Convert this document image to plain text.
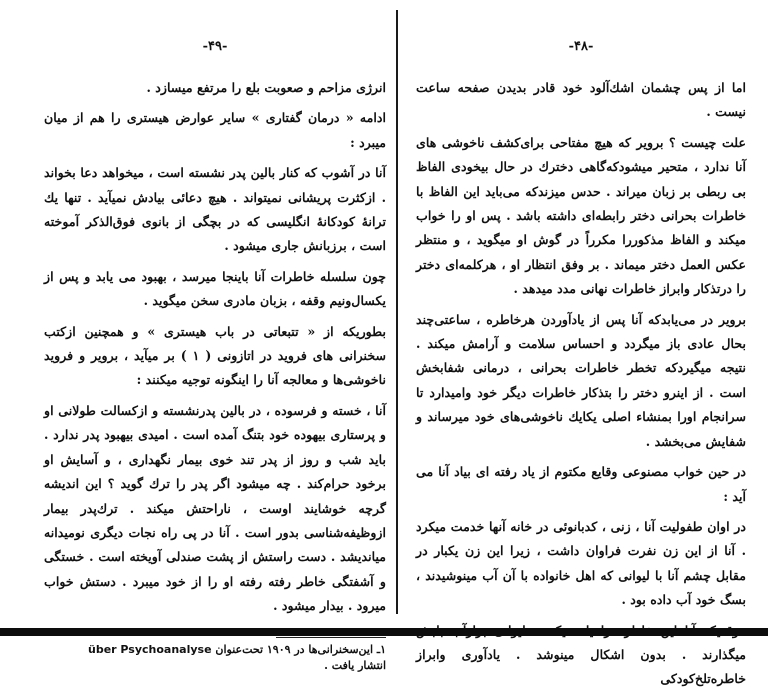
-۴۹-

انرژی مزاحم و صعوبت بلع را مرتفع میسازد .

ادامه « درمان گفتاری » سایر عوارض هیستری را هم از میان میبرد :

آنا در آشوب که کنار بالین پدر نشسته است ، میخواهد دعا بخواند . ازکثرت پریشانی نمیتواند . هیچ دعائی بیادش نمیآید . تنها یك ترانهٔ کودکانهٔ انگلیسی که در بچگی از بانوی فوق‌الذکر آموخته است ، برزبانش جاری میشود .

چون سلسله خاطرات آنا باینجا میرسد ، بهبود می یابد و پس از یکسال‌ونیم وقفه ، بزبان مادری سخن میگوید .

بطوریکه از « تتبعاتی در باب هیستری » و همچنین ازکتب سخنرانی های فروید در اتازونی ( ۱ ) بر میآید ، برویر و فروید ناخوشی‌ها و معالجه آنا را اینگونه توجیه میکنند :

آنا ، خسته و فرسوده ، در بالین پدرنشسته و ازکسالت طولانی او و پرستاری بیهوده خود بتنگ آمده است . امیدی بیهبود پدر ندارد . باید شب و روز از پدر تند خوی بیمار نگهداری ، و آسایش او برخود حرام‌کند . چه میشود اگر پدر را ترك گوید ؟ این اندیشه گرچه خوشایند اوست ، ناراحتش میکند . ترك‌پدر بیمار ازوظیفه‌شناسی بدور است . آنا در پی راه نجات دیگری نومیدانه میاندیشد . دست راستش از پشت صندلی آویخته است . خستگی و آشفتگی خاطر رفته رفته او را از خود میبرد . دستش خواب میرود . بیدار میشود .

۱ـ این‌سخنرانی‌ها در ۱۹۰۹ تحت‌عنوان über Psychoanalyse
انتشار یافت .

-۴۸-

اما از پس چشمان اشك‌آلود خود قادر بدیدن صفحه ساعت نیست .

علت چیست ؟ برویر که هیچ مفتاحی برای‌کشف ناخوشی های آنا ندارد ، متحیر میشود‌که‌گاهی دخترك در حال بیخودی الفاظ بی ربطی بر زبان میراند . حدس میزندکه می‌باید این الفاظ با خاطرات بحرانی دختر رابطه‌ای داشته باشد . پس او را خواب میکند و الفاظ مذکوررا مکرراً در گوش او میگوید ، و منتظر عکس العمل دختر میماند . بر وفق انتظار او ، هرکلمه‌ای دختر را درتذکار وابراز خاطرات نهانی مدد میدهد .

برویر در می‌یابدکه آنا پس از یادآوردن هرخاطره ، ساعتی‌چند بحال عادی باز میگردد و احساس سلامت و آرامش میکند . نتیجه میگیردکه تخطر خاطرات بحرانی ، درمانی شفابخش است . از اینرو دختر را بتذکار خاطرات دیگر خود وامیدارد تا سرانجام اورا بمنشاء اصلی یکایك ناخوشی‌های خود میرساند و شفایش می‌بخشد .

در حین خواب مصنوعی وقایع مکتوم از یاد رفته ای بیاد آنا می آید :

در اوان طفولیت آنا ، زنی ، کدبانوئی در خانه آنها خدمت میکرد . آنا از این زن نفرت فراوان داشت ، زیرا این زن یکبار در مقابل چشم آنا با لیوانی که اهل خانواده با آن آب مینوشیدند ، بسگ خود آب داده بود .

میگذارند . بدون اشکال مینوشد . یادآوری وابراز خاطره‌تلخ‌کودکی
